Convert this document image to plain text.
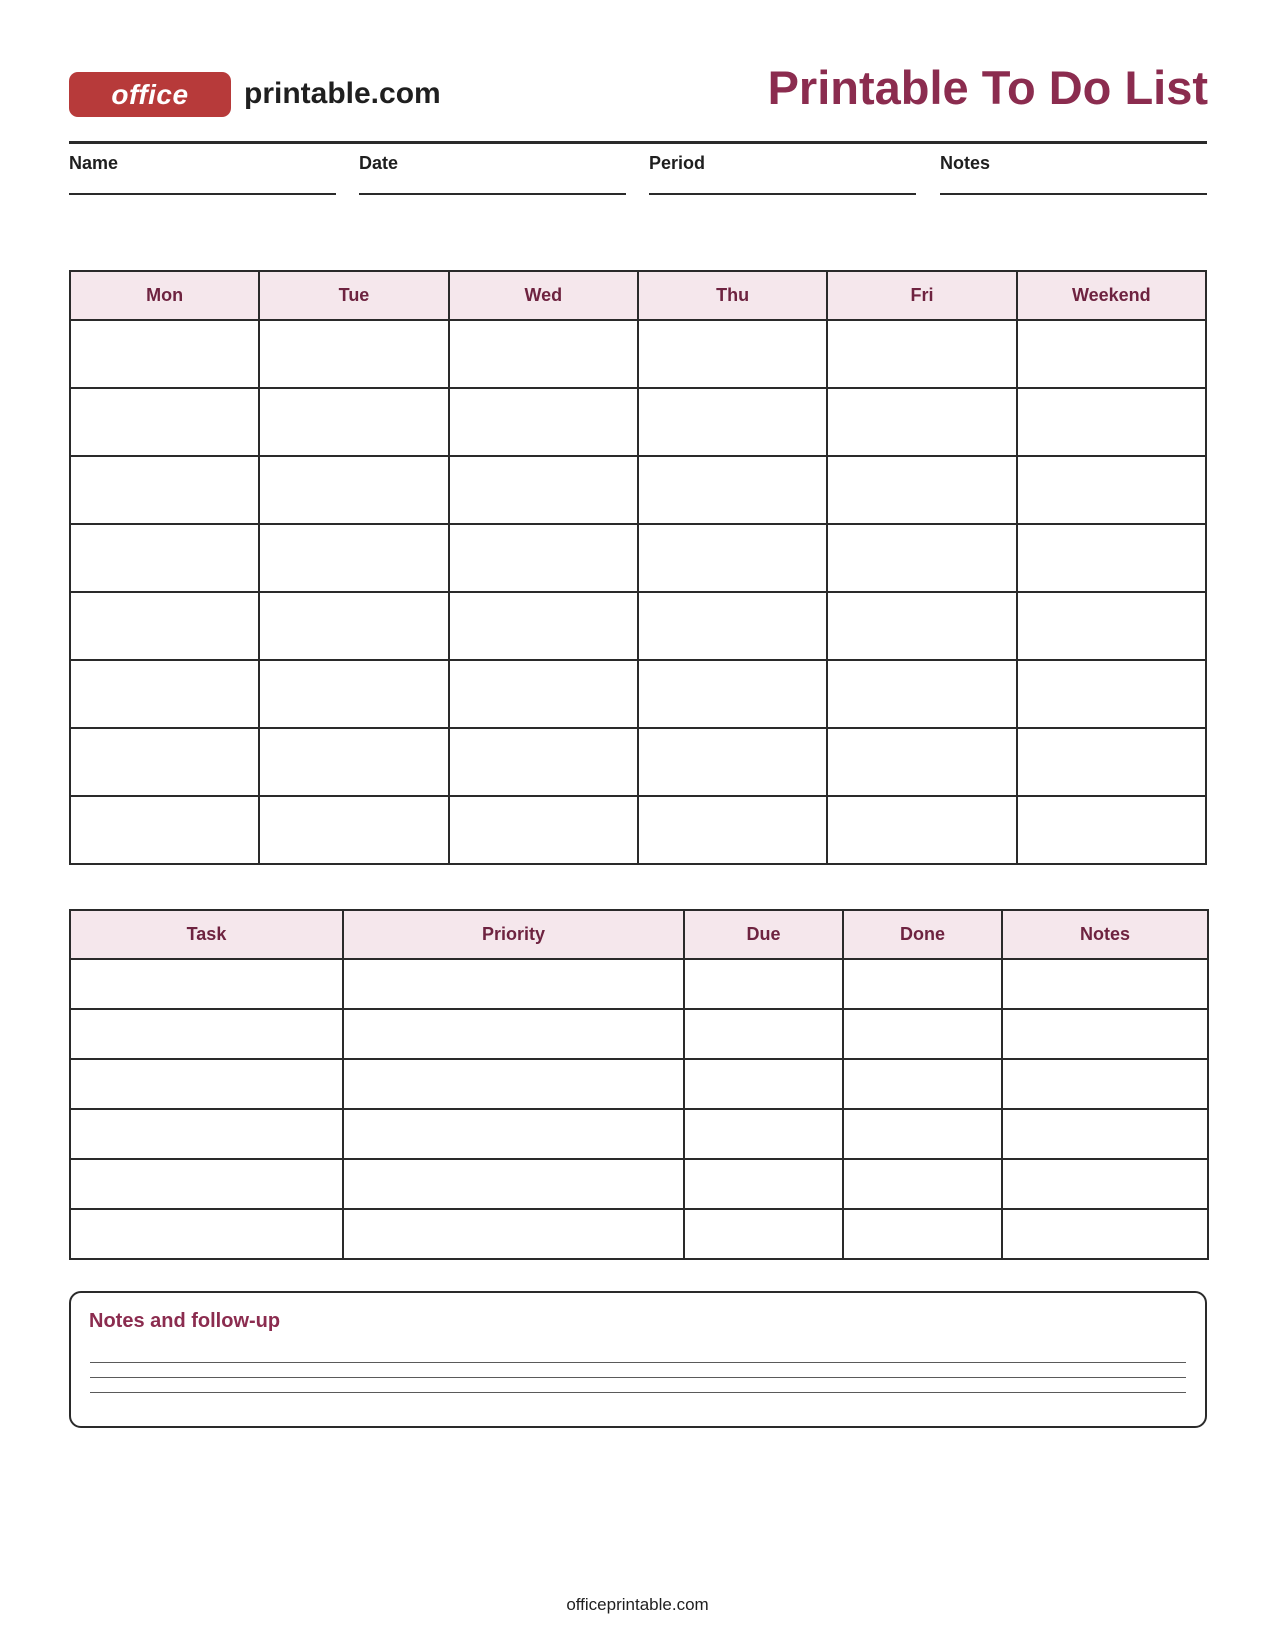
office	printable.com	Printable To Do List
Name	Date	Period	Notes
Mon	Tue	Wed	Thu	Fri	Weekend

Task	Priority	Due	Done	Notes

Notes and follow-up
officeprintable.com
